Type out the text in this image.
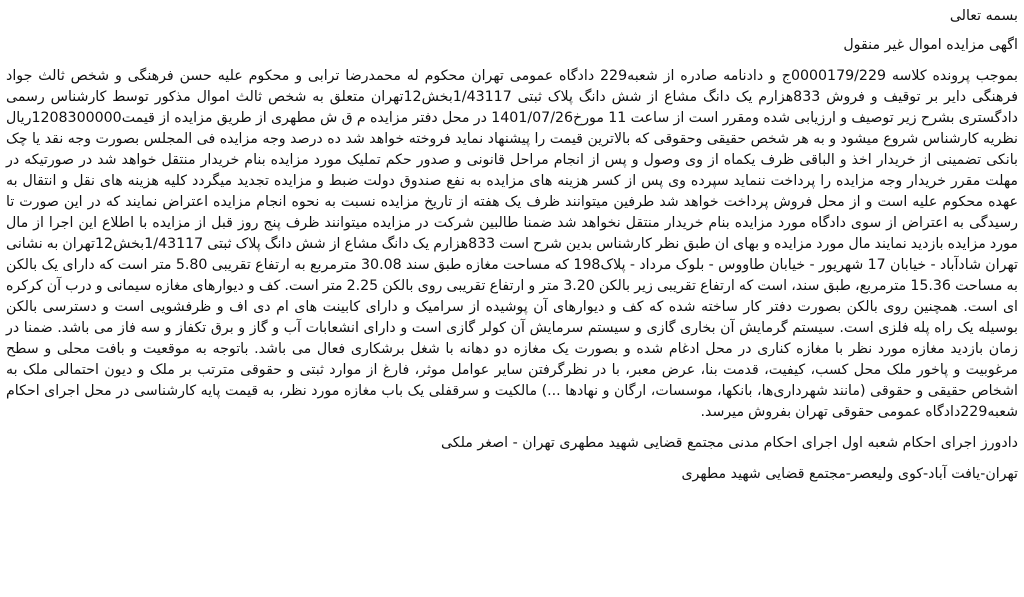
بسمه تعالی
اگهی مزایده اموال غیر منقول

بموجب پرونده کلاسه 0000179/229ج و دادنامه صادره از شعبه229 دادگاه عمومی تهران محکوم له محمدرضا ترابی و محکوم علیه حسن فرهنگی و شخص ثالث جواد فرهنگی دایر بر توقیف و فروش 833هزارم یک دانگ مشاع از شش دانگ پلاک ثبتی 1/43117بخش12تهران متعلق به شخص ثالث اموال مذکور توسط کارشناس رسمی دادگستری بشرح زیر توصیف و ارزیابی شده ومقرر است از ساعت 11 مورخ1401/07/26 در محل دفتر مزایده م ق ش مطهری از طریق مزایده از قیمت1208300000ریال نظریه کارشناس شروع میشود و به هر شخص حقیقی وحقوقی که بالاترین قیمت را پیشنهاد نماید فروخته خواهد شد ده درصد وجه مزایده فی المجلس بصورت وجه نقد یا چک بانکی تضمینی از خریدار اخذ و الباقی ظرف یکماه از وی وصول و پس از انجام مراحل قانونی و صدور حکم تملیک مورد مزایده بنام خریدار منتقل خواهد شد در صورتیکه در مهلت مقرر خریدار وجه مزایده را پرداخت ننماید سپرده وی پس از کسر هزینه های مزایده به نفع صندوق دولت ضبط و مزایده تجدید میگردد کلیه هزینه های نقل و انتقال به عهده محکوم علیه است و از محل فروش پرداخت خواهد شد طرفین میتوانند ظرف یک هفته از تاریخ مزایده نسبت به نحوه انجام مزایده اعتراض نمایند که در این صورت تا رسیدگی به اعتراض از سوی دادگاه مورد مزایده بنام خریدار منتقل نخواهد شد ضمنا طالبین شرکت در مزایده میتوانند ظرف پنج روز قبل از مزایده با اطلاع این اجرا از مال مورد مزایده بازدید نمایند مال مورد مزایده و بهای ان طبق نظر کارشناس بدین شرح است 833هزارم یک دانگ مشاع از شش دانگ پلاک ثبتی 1/43117بخش12تهران به نشانی تهران شادآباد - خیابان 17 شهریور - خیابان طاووس - بلوک مرداد - پلاک198 که مساحت مغازه طبق سند 30.08 مترمربع به ارتفاع تقریبی 5.80 متر است که دارای یک بالکن به مساحت 15.36 مترمربع، طبق سند، است که ارتفاع تقریبی زیر بالکن 3.20 متر و ارتفاع تقریبی روی بالکن 2.25 متر است. کف و دیوارهای مغازه سیمانی و درب آن کرکره ای است. همچنین روی بالکن بصورت دفتر کار ساخته شده که کف و دیوارهای آن پوشیده از سرامیک و دارای کابینت های ام دی اف و ظرفشویی است و دسترسی بالکن بوسیله یک راه پله فلزی است. سیستم گرمایش آن بخاری گازی و سیستم سرمایش آن کولر گازی است و دارای انشعابات آب و گاز و برق تکفاز و سه فاز می باشد. ضمنا در زمان بازدید مغازه مورد نظر با مغازه کناری در محل ادغام شده و بصورت یک مغازه دو دهانه با شغل برشکاری فعال می باشد. باتوجه به موقعیت و بافت محلی و سطح مرغوبیت و پاخور ملک محل کسب، کیفیت، قدمت بنا، عرض معبر، با در نظرگرفتن سایر عوامل موثر، فارغ از موارد ثبتی و حقوقی مترتب بر ملک و دیون احتمالی ملک به اشخاص حقیقی و حقوقی (مانند شهرداری‌ها، بانکها، موسسات، ارگان و نهادها ...) مالکیت و سرقفلی یک باب مغازه مورد نظر، به قیمت پایه کارشناسی در محل اجرای احکام شعبه229دادگاه عمومی حقوقی تهران بفروش میرسد.

دادورز اجرای احکام شعبه اول اجرای احکام مدنی مجتمع قضایی شهید مطهری تهران - اصغر ملکی
تهران-یافت آباد-کوی ولیعصر-مجتمع قضایی شهید مطهری
